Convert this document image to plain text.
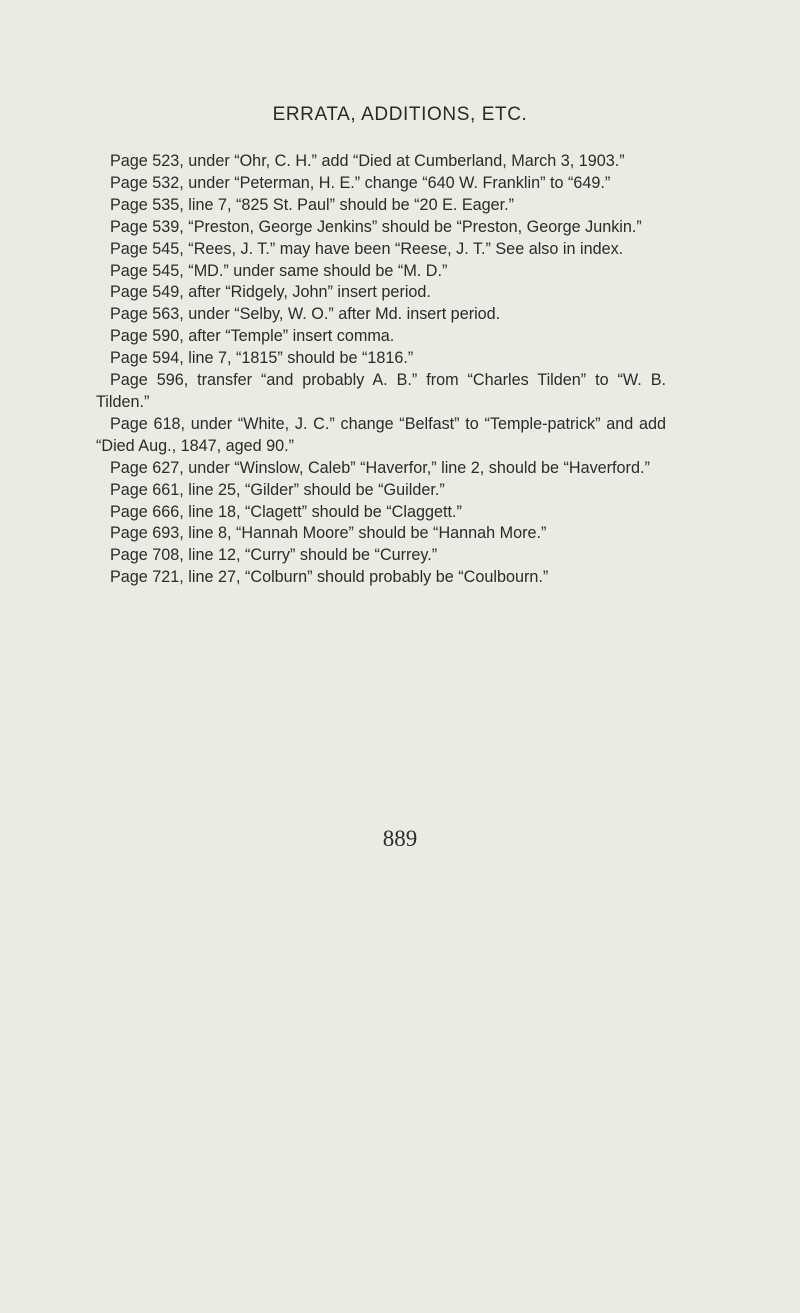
ERRATA, ADDITIONS, ETC.

Page 523, under “Ohr, C. H.” add “Died at Cumberland, March 3, 1903.”

Page 532, under “Peterman, H. E.” change “640 W. Franklin” to “649.”

Page 535, line 7, “825 St. Paul” should be “20 E. Eager.”

Page 539, “Preston, George Jenkins” should be “Preston, George Junkin.”

Page 545, “Rees, J. T.” may have been “Reese, J. T.” See also in index.

Page 545, “MD.” under same should be “M. D.”

Page 549, after “Ridgely, John” insert period.

Page 563, under “Selby, W. O.” after Md. insert period.

Page 590, after “Temple” insert comma.

Page 594, line 7, “1815” should be “1816.”

Page 596, transfer “and probably A. B.” from “Charles Tilden” to “W. B. Tilden.”

Page 618, under “White, J. C.” change “Belfast” to “Temple-patrick” and add “Died Aug., 1847, aged 90.”

Page 627, under “Winslow, Caleb” “Haverfor,” line 2, should be “Haverford.”

Page 661, line 25, “Gilder” should be “Guilder.”

Page 666, line 18, “Clagett” should be “Claggett.”

Page 693, line 8, “Hannah Moore” should be “Hannah More.”

Page 708, line 12, “Curry” should be “Currey.”

Page 721, line 27, “Colburn” should probably be “Coulbourn.”

889
